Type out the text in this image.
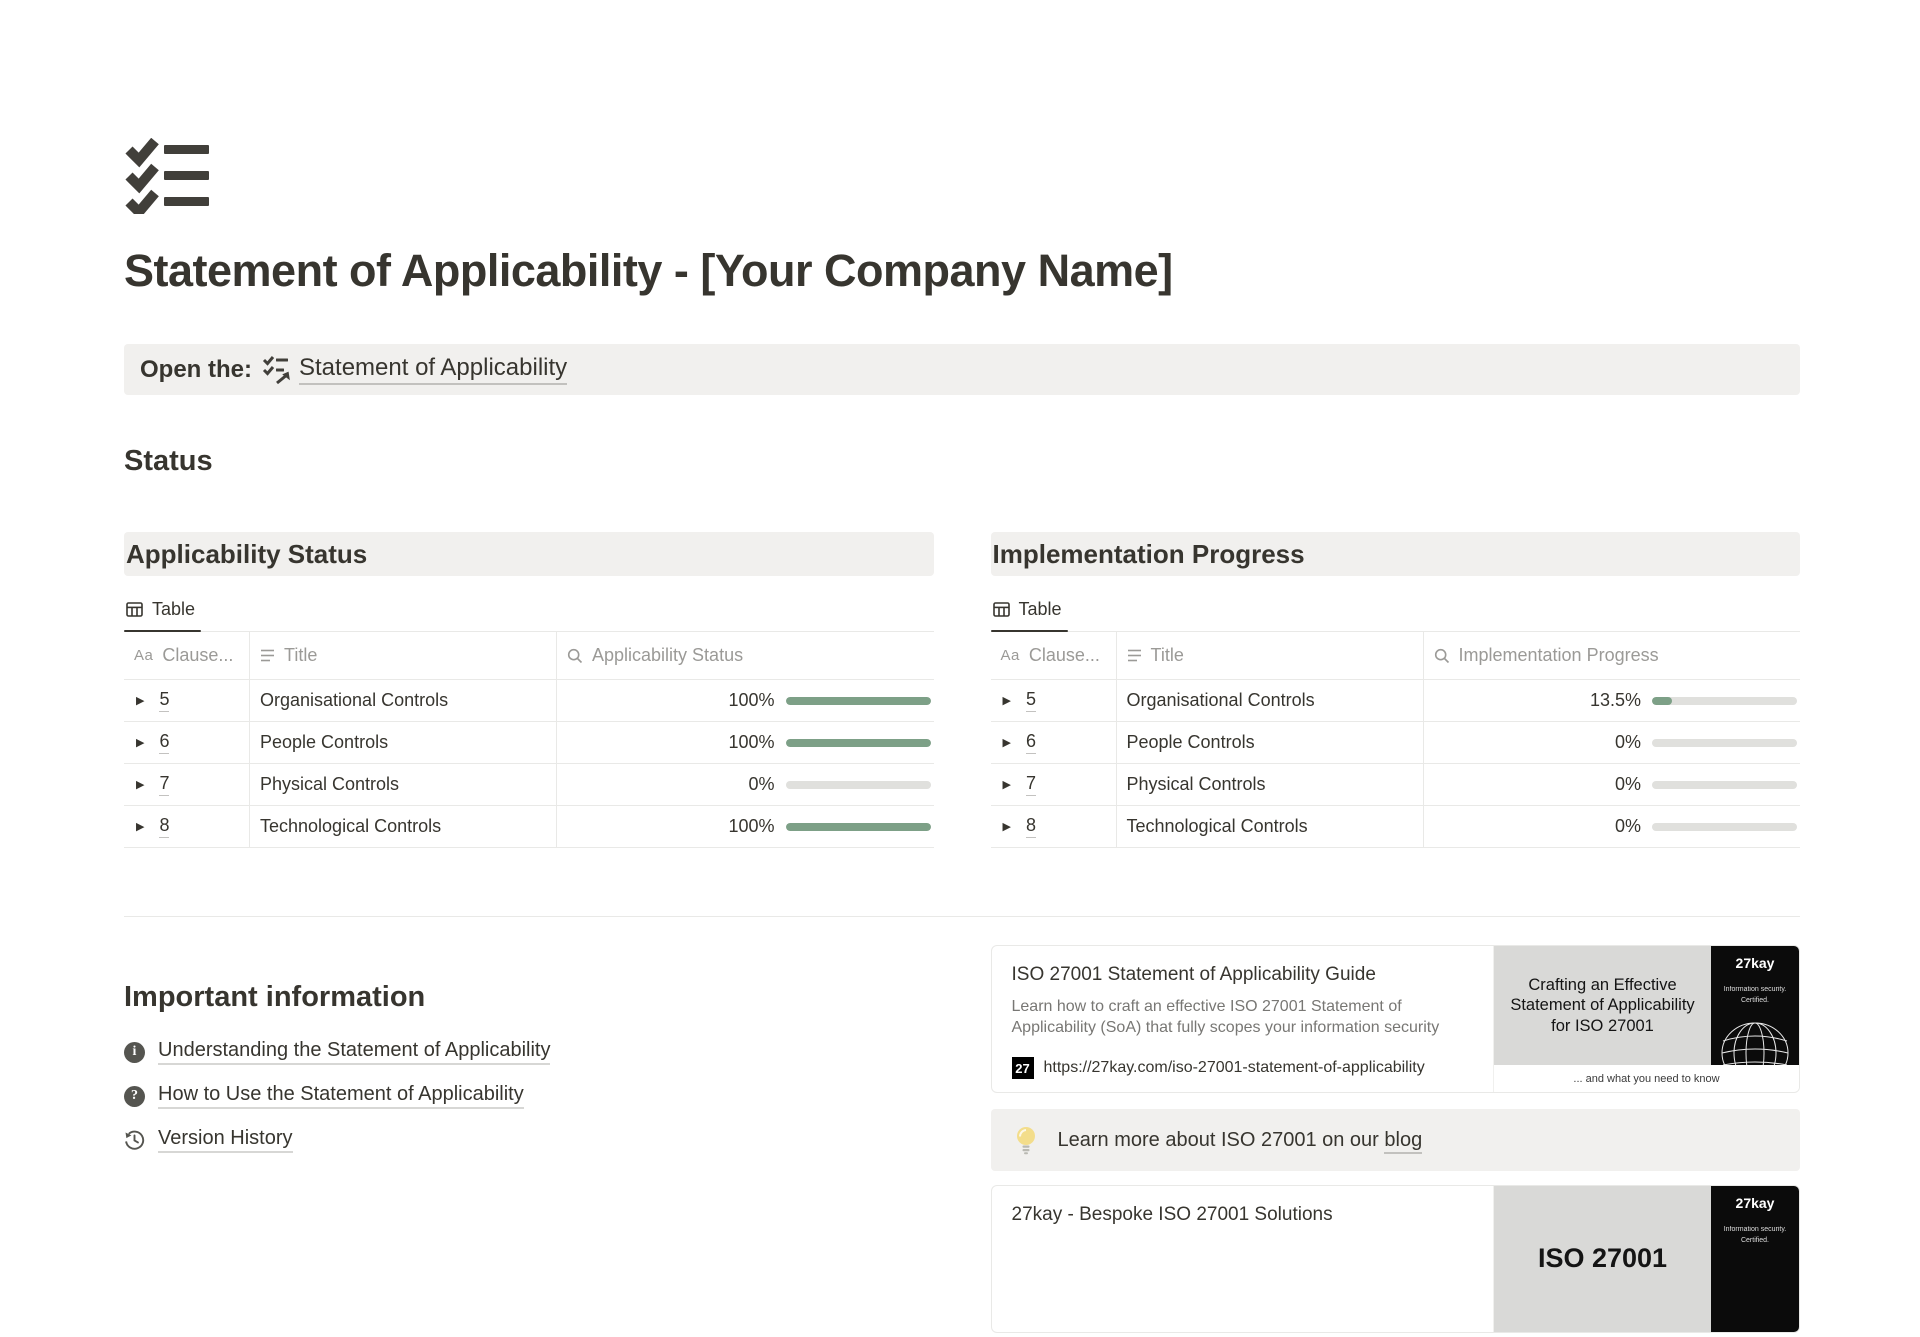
Statement of Applicability - [Your Company Name]
Open the: Statement of Applicability
Status
Applicability Status
Table
Aa Clause...	Title	Applicability Status
▶ 5	Organisational Controls	100%
▶ 6	People Controls	100%
▶ 7	Physical Controls	0%
▶ 8	Technological Controls	100%
Implementation Progress
Table
Aa Clause...	Title	Implementation Progress
▶ 5	Organisational Controls	13.5%
▶ 6	People Controls	0%
▶ 7	Physical Controls	0%
▶ 8	Technological Controls	0%
Important information
i	Understanding the Statement of Applicability
?	How to Use the Statement of Applicability
Version History
ISO 27001 Statement of Applicability Guide
Learn how to craft an effective ISO 27001 Statement of Applicability (SoA) that fully scopes your information security
27 https://27kay.com/iso-27001-statement-of-applicability
Crafting an Effective Statement of Applicability for ISO 27001
27kay
Information security. Certified.
... and what you need to know
Learn more about ISO 27001 on our blog
27kay - Bespoke ISO 27001 Solutions
ISO 27001
27kay
Information security. Certified.
